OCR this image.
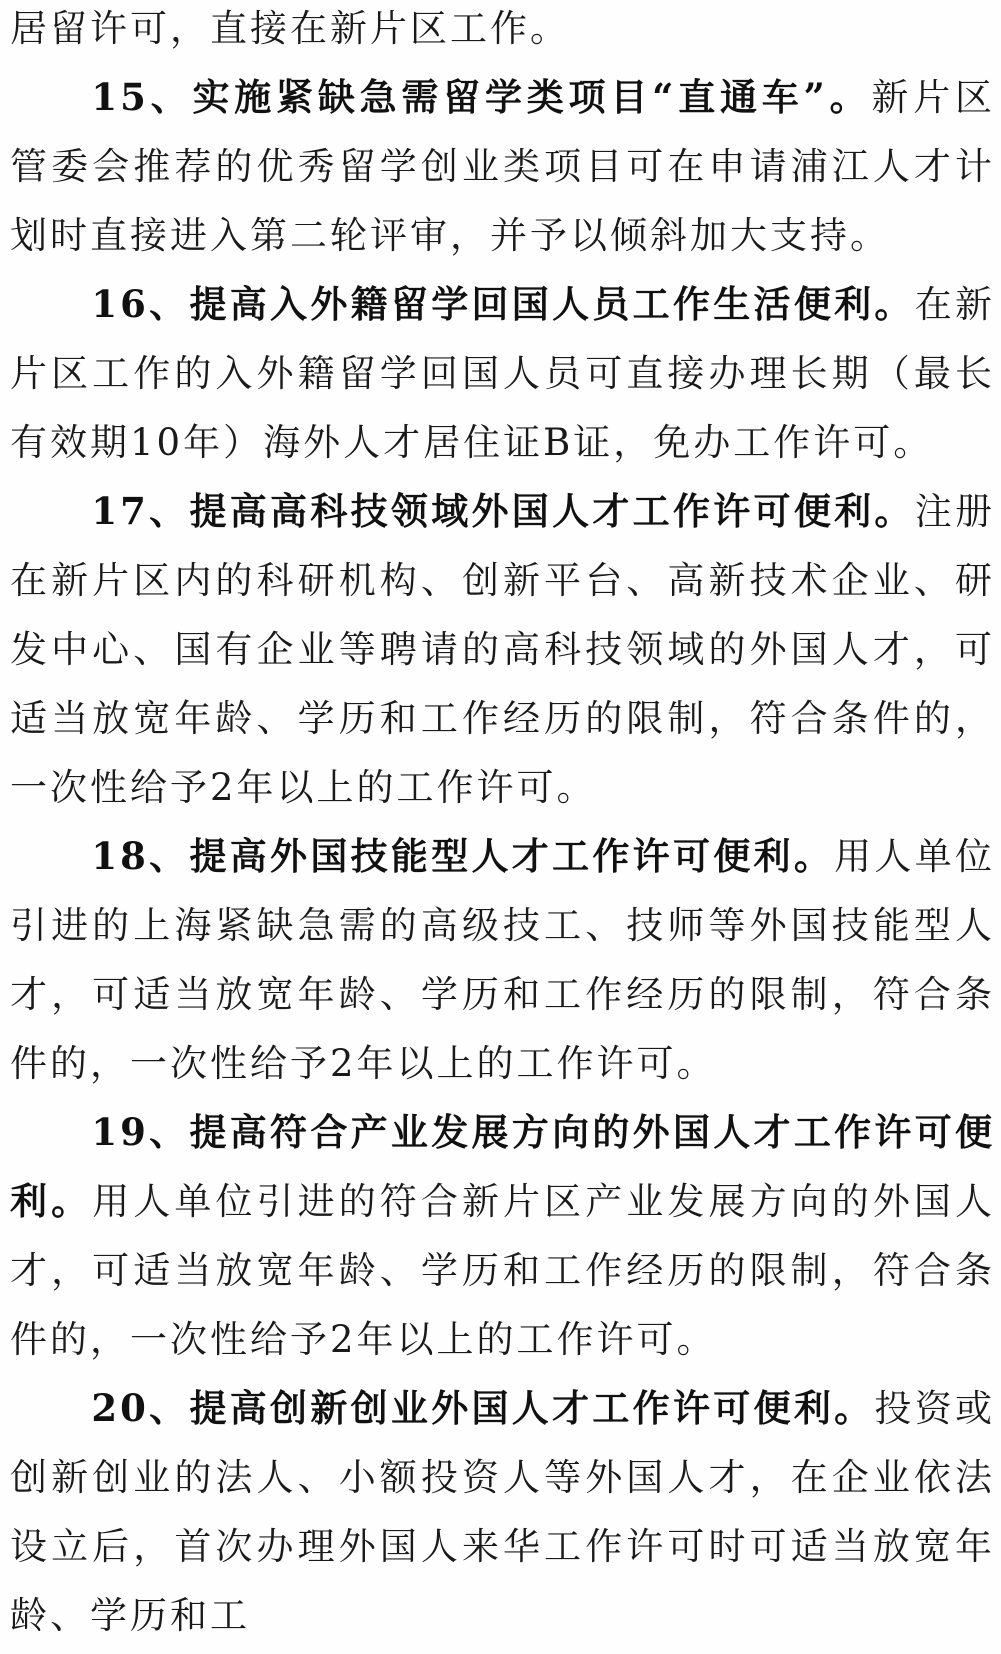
居留许可，直接在新片区工作。

15、实施紧缺急需留学类项目“直通车”。新片区管委会推荐的优秀留学创业类项目可在申请浦江人才计划时直接进入第二轮评审，并予以倾斜加大支持。

16、提高入外籍留学回国人员工作生活便利。在新片区工作的入外籍留学回国人员可直接办理长期（最长有效期10年）海外人才居住证B证，免办工作许可。

17、提高高科技领域外国人才工作许可便利。注册在新片区内的科研机构、创新平台、高新技术企业、研发中心、国有企业等聘请的高科技领域的外国人才，可适当放宽年龄、学历和工作经历的限制，符合条件的，一次性给予2年以上的工作许可。

18、提高外国技能型人才工作许可便利。用人单位引进的上海紧缺急需的高级技工、技师等外国技能型人才，可适当放宽年龄、学历和工作经历的限制，符合条件的，一次性给予2年以上的工作许可。

19、提高符合产业发展方向的外国人才工作许可便利。用人单位引进的符合新片区产业发展方向的外国人才，可适当放宽年龄、学历和工作经历的限制，符合条件的，一次性给予2年以上的工作许可。

20、提高创新创业外国人才工作许可便利。投资或创新创业的法人、小额投资人等外国人才，在企业依法设立后，首次办理外国人来华工作许可时可适当放宽年龄、学历和工
